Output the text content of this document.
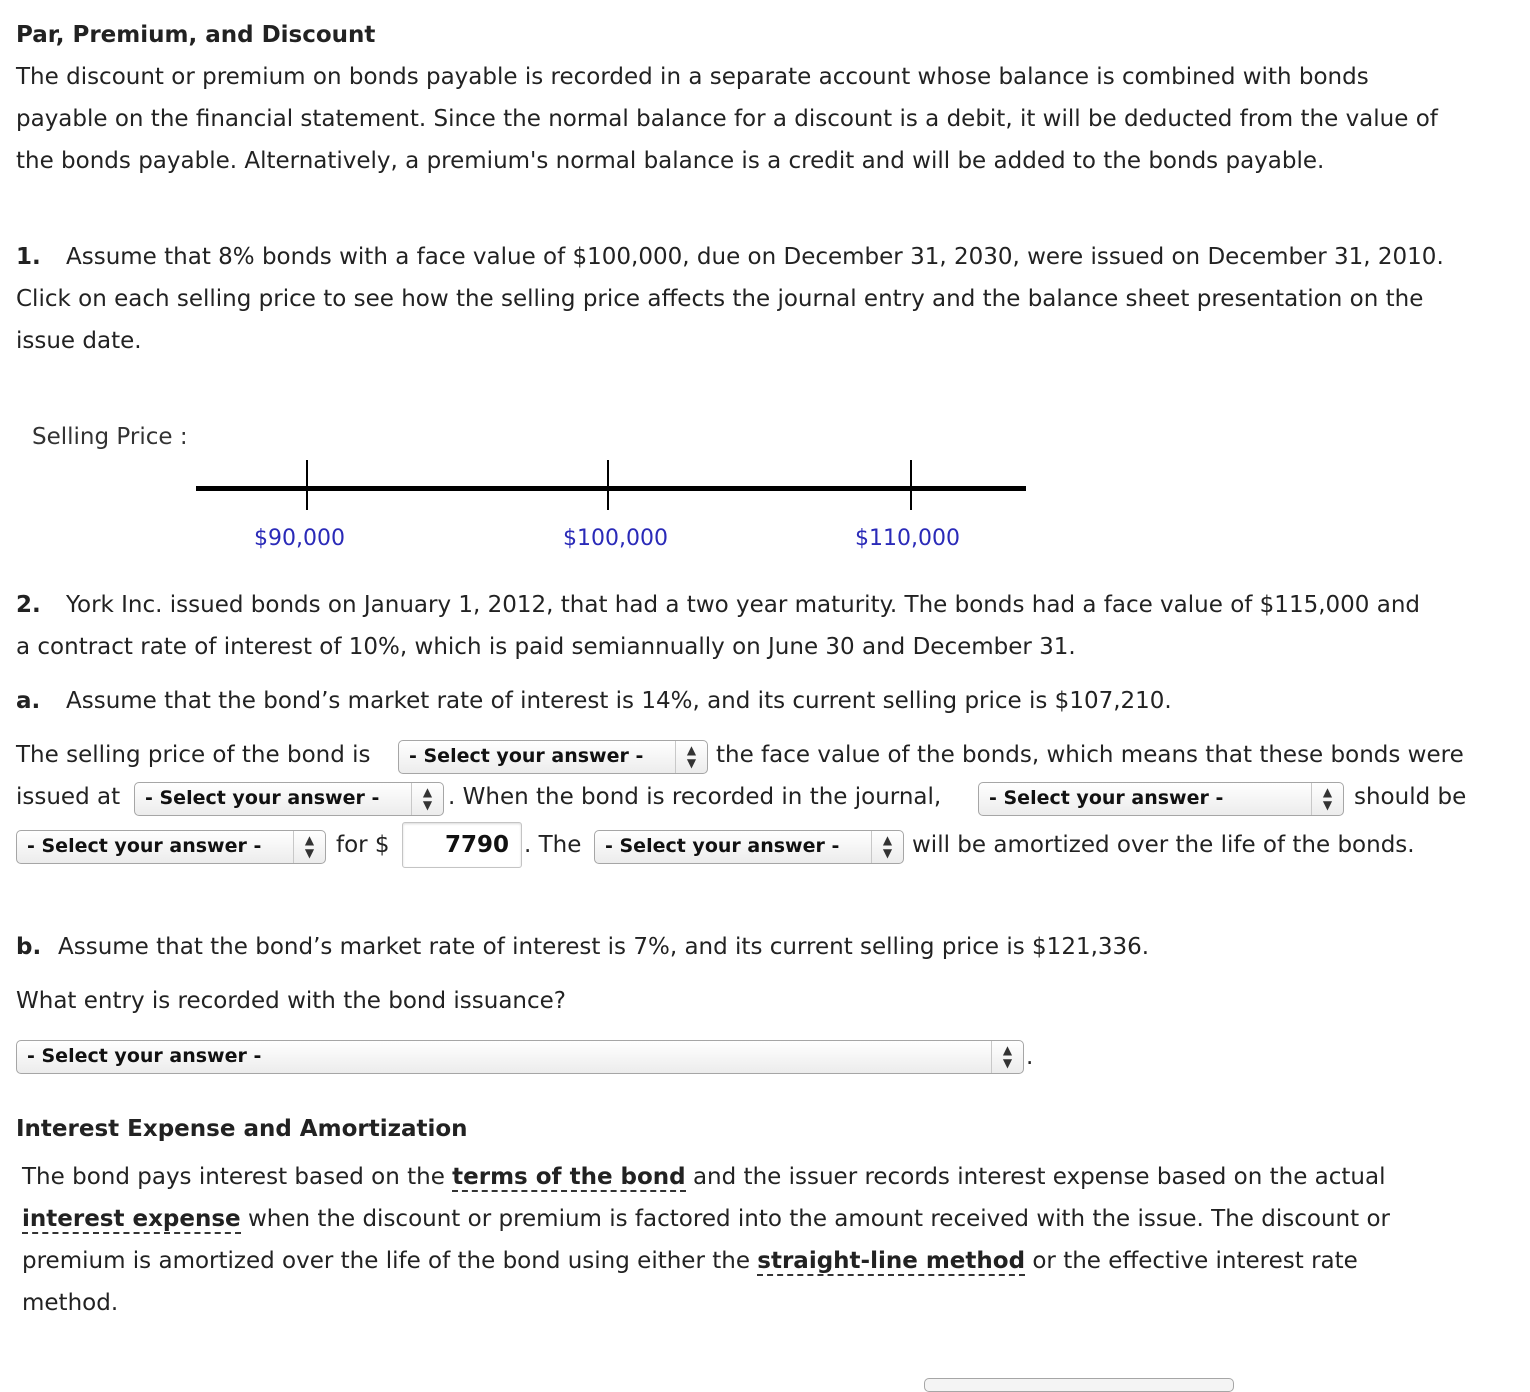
Par, Premium, and Discount
The discount or premium on bonds payable is recorded in a separate account whose balance is combined with bonds
payable on the financial statement. Since the normal balance for a discount is a debit, it will be deducted from the value of
the bonds payable. Alternatively, a premium's normal balance is a credit and will be added to the bonds payable.
1. Assume that 8% bonds with a face value of $100,000, due on December 31, 2030, were issued on December 31, 2010.
Click on each selling price to see how the selling price affects the journal entry and the balance sheet presentation on the
issue date.
Selling Price :
$90,000	$100,000	$110,000
2. York Inc. issued bonds on January 1, 2012, that had a two year maturity. The bonds had a face value of $115,000 and
a contract rate of interest of 10%, which is paid semiannually on June 30 and December 31.
a. Assume that the bond’s market rate of interest is 14%, and its current selling price is $107,210.
The selling price of the bond is	- Select your answer -	▲
▼ the face value of the bonds, which means that these bonds were
issued at	- Select your answer -	▲
▼ . When the bond is recorded in the journal,	- Select your answer -	▲
▼ should be
- Select your answer -	▲
▼ for $
7790	. The	- Select your answer -	▲
▼ will be amortized over the life of the bonds.
b. Assume that the bond’s market rate of interest is 7%, and its current selling price is $121,336.
What entry is recorded with the bond issuance?
- Select your answer -	▲
▼ .
Interest Expense and Amortization
The bond pays interest based on the terms of the bond and the issuer records interest expense based on the actual
interest expense when the discount or premium is factored into the amount received with the issue. The discount or
premium is amortized over the life of the bond using either the straight-line method or the effective interest rate
method.
